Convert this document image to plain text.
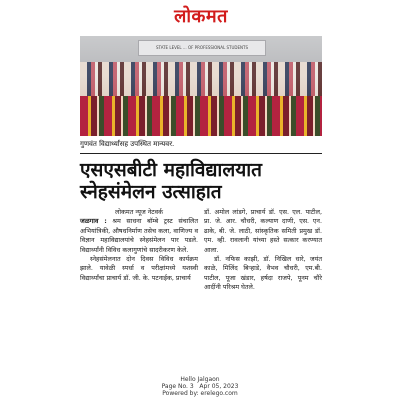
लोकमत
STATE LEVEL ... OF PROFESSIONAL STUDENTS
गुणवंत विद्यार्थ्यांसह उपस्थित मान्यवर.
एसएसबीटी महाविद्यालयात स्नेहसंमेलन उत्साहात

लोकमत न्यूज नेटवर्क

जळगाव : श्रम साधना बॉम्बे ट्रस्ट संचालित अभियांत्रिकी, औषधनिर्माण तसेच कला, वाणिज्य व विज्ञान महाविद्यालयांचे स्नेहसंमेलन पार पडले. विद्यार्थ्यांनी विविध कलागुणांचे सादरीकरण केले.

स्नेहसंमेलनात दोन दिवस विविध कार्यक्रम झाले. यावेळी स्पर्धा व परीक्षांमध्ये यशस्वी विद्यार्थ्यांचा प्राचार्य डॉ. जी. के. पटनाईक, प्राचार्य

डॉ. अमोल लांडगे, प्राचार्य डॉ. एस. एल. पाटील, प्रा. जे. आर. चौधरी, कल्याण दाणी, एस. एन. ढाके, बी. जे. लाठी, सांस्कृतिक समिती प्रमुख डॉ. एम. व्ही. रावलानी यांच्या हस्ते सत्कार करण्यात आला.

डॉ. नफिस काझी, डॉ. निखिल धारे, जयंत काळे, मिलिंद बिऱ्हाडे, वैभव चौधरी, एम.बी. पाटील, पूजा खंडार, हर्षदा राजपे, पूनम चौरे आदींनी परिश्रम घेतले.

Hello Jalgaon
Page No. 3 Apr 05, 2023
Powered by: erelego.com
